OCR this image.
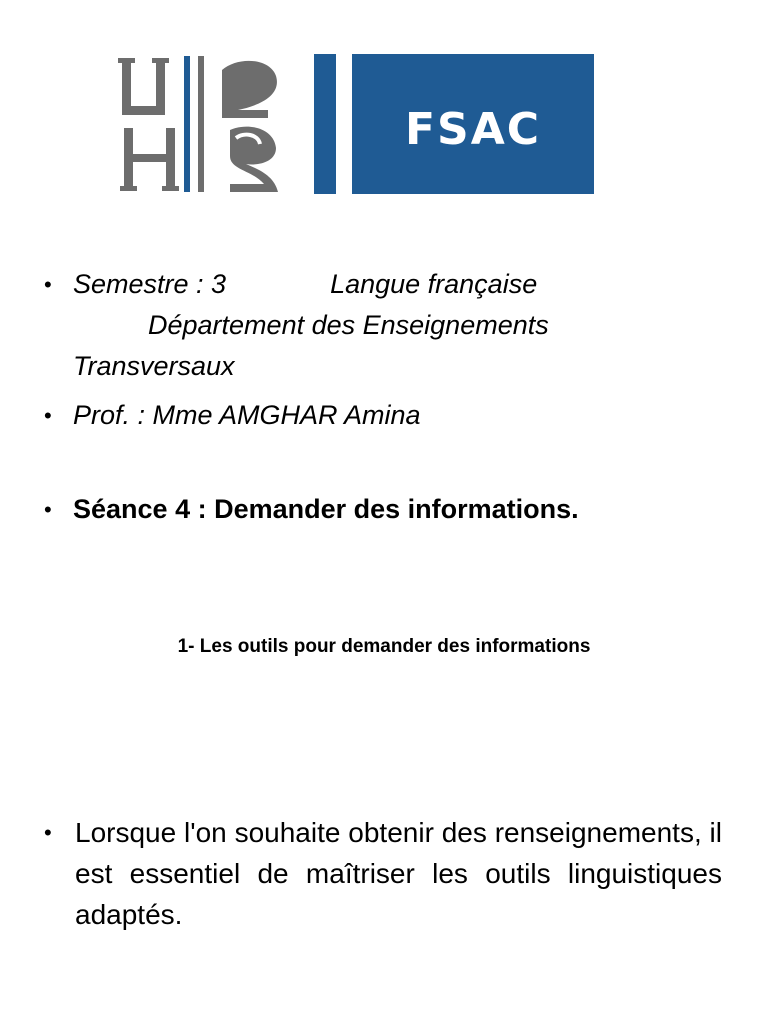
FSAC
• Semestre : 3	Langue française
Département des Enseignements
Transversaux
• Prof. : Mme AMGHAR Amina
• Séance 4 : Demander des informations.
1- Les outils pour demander des informations
• Lorsque l'on souhaite obtenir des renseignements, il est essentiel de maîtriser les outils linguistiques adaptés.
